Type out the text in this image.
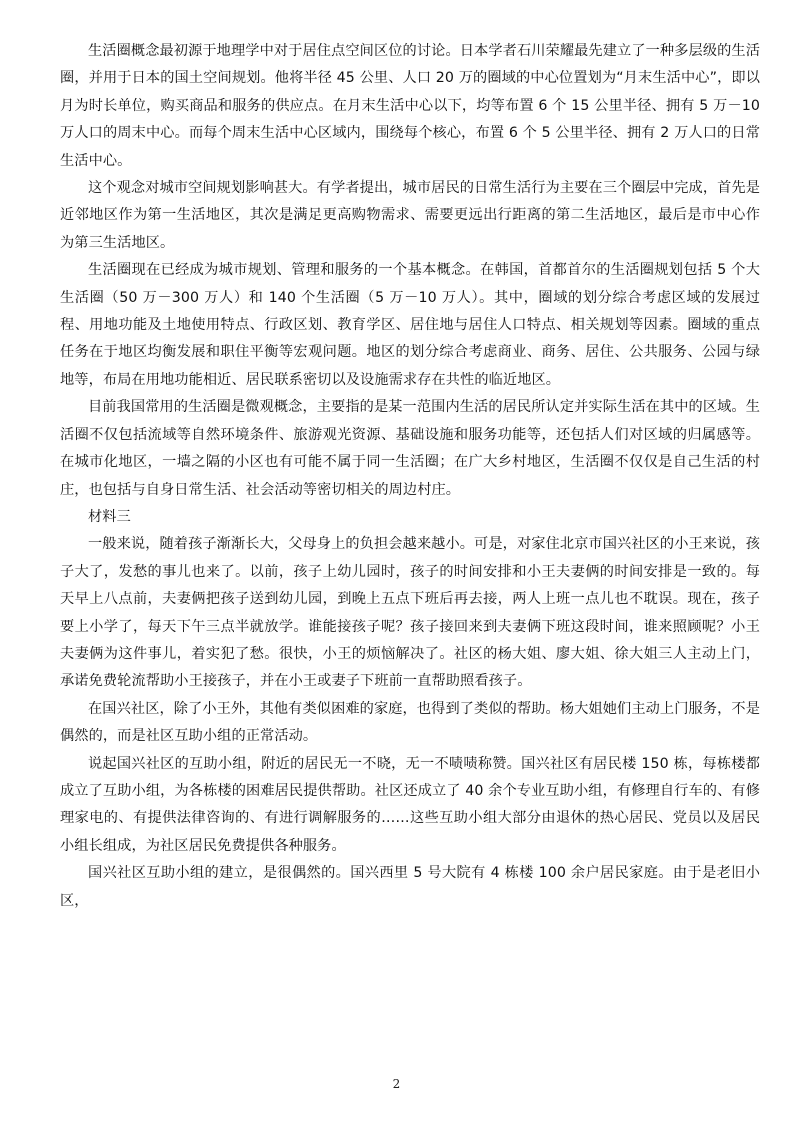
生活圈概念最初源于地理学中对于居住点空间区位的讨论。日本学者石川荣耀最先建立了一种多层级的生活圈，并用于日本的国土空间规划。他将半径 45 公里、人口 20 万的圈域的中心位置划为“月末生活中心”，即以月为时长单位，购买商品和服务的供应点。在月末生活中心以下，均等布置 6 个 15 公里半径、拥有 5 万－10 万人口的周末中心。而每个周末生活中心区域内，围绕每个核心，布置 6 个 5 公里半径、拥有 2 万人口的日常生活中心。

这个观念对城市空间规划影响甚大。有学者提出，城市居民的日常生活行为主要在三个圈层中完成，首先是近邻地区作为第一生活地区，其次是满足更高购物需求、需要更远出行距离的第二生活地区，最后是市中心作为第三生活地区。

生活圈现在已经成为城市规划、管理和服务的一个基本概念。在韩国，首都首尔的生活圈规划包括 5 个大生活圈（50 万－300 万人）和 140 个生活圈（5 万－10 万人）。其中，圈域的划分综合考虑区域的发展过程、用地功能及土地使用特点、行政区划、教育学区、居住地与居住人口特点、相关规划等因素。圈域的重点任务在于地区均衡发展和职住平衡等宏观问题。地区的划分综合考虑商业、商务、居住、公共服务、公园与绿地等，布局在用地功能相近、居民联系密切以及设施需求存在共性的临近地区。

目前我国常用的生活圈是微观概念，主要指的是某一范围内生活的居民所认定并实际生活在其中的区域。生活圈不仅包括流域等自然环境条件、旅游观光资源、基础设施和服务功能等，还包括人们对区域的归属感等。在城市化地区，一墙之隔的小区也有可能不属于同一生活圈；在广大乡村地区，生活圈不仅仅是自己生活的村庄，也包括与自身日常生活、社会活动等密切相关的周边村庄。

材料三

一般来说，随着孩子渐渐长大，父母身上的负担会越来越小。可是，对家住北京市国兴社区的小王来说，孩子大了，发愁的事儿也来了。以前，孩子上幼儿园时，孩子的时间安排和小王夫妻俩的时间安排是一致的。每天早上八点前，夫妻俩把孩子送到幼儿园，到晚上五点下班后再去接，两人上班一点儿也不耽误。现在，孩子要上小学了，每天下午三点半就放学。谁能接孩子呢？孩子接回来到夫妻俩下班这段时间，谁来照顾呢？小王夫妻俩为这件事儿，着实犯了愁。很快，小王的烦恼解决了。社区的杨大姐、廖大姐、徐大姐三人主动上门，承诺免费轮流帮助小王接孩子，并在小王或妻子下班前一直帮助照看孩子。

在国兴社区，除了小王外，其他有类似困难的家庭，也得到了类似的帮助。杨大姐她们主动上门服务，不是偶然的，而是社区互助小组的正常活动。

说起国兴社区的互助小组，附近的居民无一不晓，无一不啧啧称赞。国兴社区有居民楼 150 栋，每栋楼都成立了互助小组，为各栋楼的困难居民提供帮助。社区还成立了 40 余个专业互助小组，有修理自行车的、有修理家电的、有提供法律咨询的、有进行调解服务的……这些互助小组大部分由退休的热心居民、党员以及居民小组长组成，为社区居民免费提供各种服务。

国兴社区互助小组的建立，是很偶然的。国兴西里 5 号大院有 4 栋楼 100 余户居民家庭。由于是老旧小区，

2
